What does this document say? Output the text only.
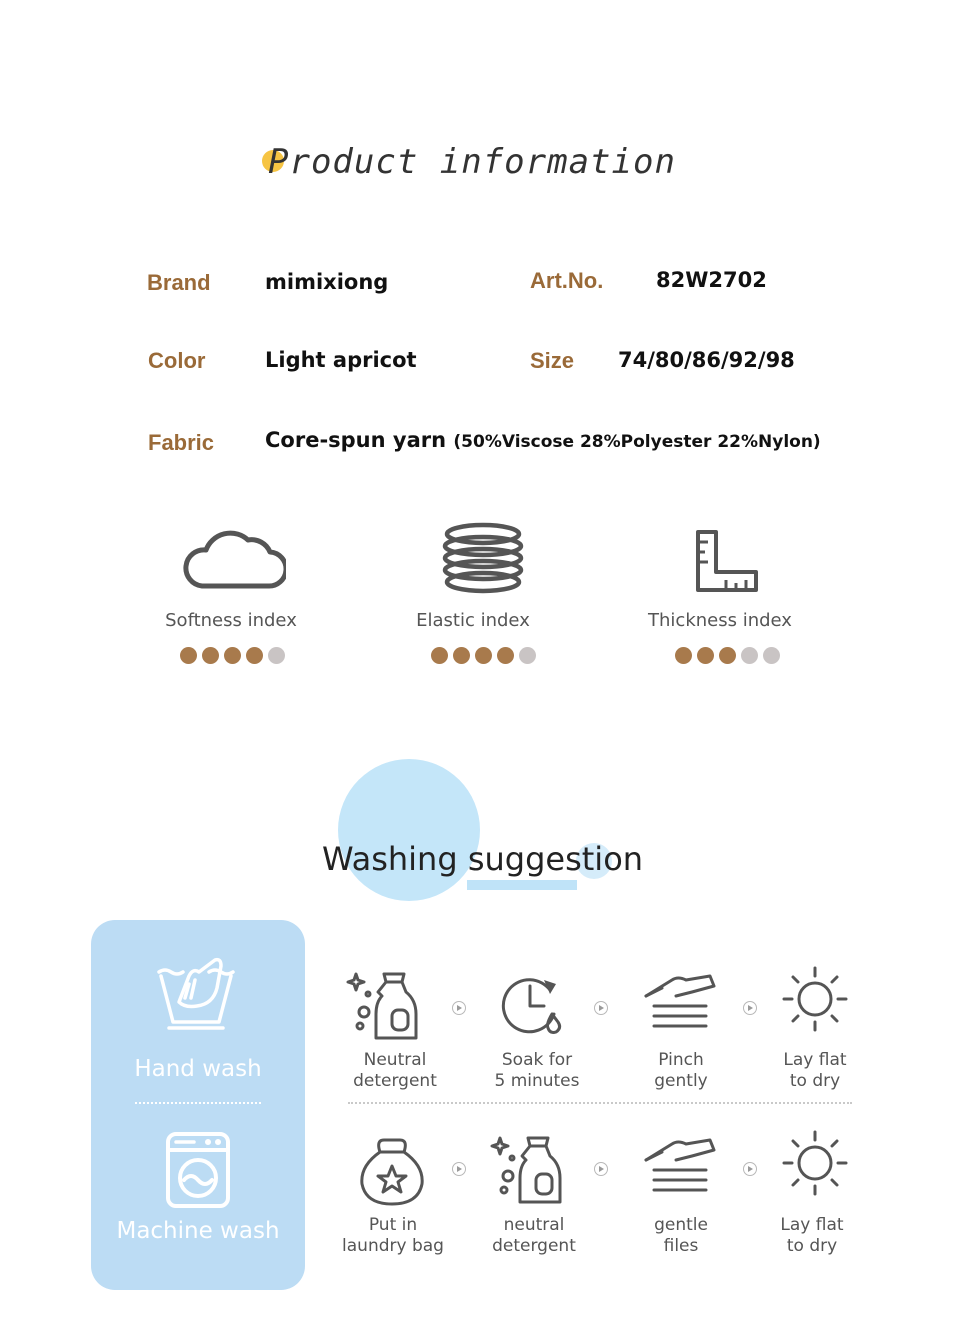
Product information
Brand	mimixiong	Art.No.	82W2702
Color	Light apricot	Size 74/80/86/92/98
Fabric Core-spun yarn (50%Viscose 28%Polyester 22%Nylon)
Softness index	Elastic index	Thickness index
Washing suggestion
Hand wash
Machine wash
Neutral
detergent
Soak for
5 minutes
Pinch
gently
Lay flat
to dry
Put in
laundry bag
neutral
detergent
gentle
files
Lay flat
to dry
